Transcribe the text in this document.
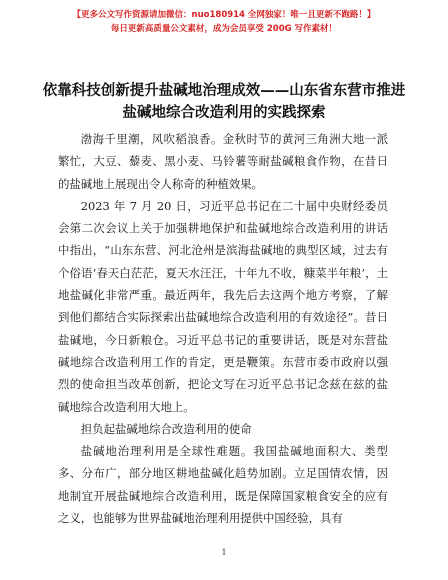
【更多公文写作资源请加微信：nuo180914 全网独家！唯一且更新不跑路！】
每日更新高质量公文素材，成为会员享受 200G 写作素材！
依靠科技创新提升盐碱地治理成效——山东省东营市推进盐碱地综合改造利用的实践探索

渤海千里潮，风吹稻浪香。金秋时节的黄河三角洲大地一派繁忙，大豆、藜麦、黑小麦、马铃薯等耐盐碱粮食作物，在昔日的盐碱地上展现出令人称奇的种植效果。

2023 年 7 月 20 日，习近平总书记在二十届中央财经委员会第二次会议上关于加强耕地保护和盐碱地综合改造利用的讲话中指出，“山东东营、河北沧州是滨海盐碱地的典型区域，过去有个俗语‘春天白茫茫，夏天水汪汪，十年九不收，糠菜半年粮’，土地盐碱化非常严重。最近两年，我先后去这两个地方考察，了解到他们都结合实际探索出盐碱地综合改造利用的有效途径”。昔日盐碱地，今日新粮仓。习近平总书记的重要讲话，既是对东营盐碱地综合改造利用工作的肯定，更是鞭策。东营市委市政府以强烈的使命担当改革创新，把论文写在习近平总书记念兹在兹的盐碱地综合改造利用大地上。

担负起盐碱地综合改造利用的使命

盐碱地治理利用是全球性难题。我国盐碱地面积大、类型多、分布广，部分地区耕地盐碱化趋势加剧。立足国情农情，因地制宜开展盐碱地综合改造利用，既是保障国家粮食安全的应有之义，也能够为世界盐碱地治理利用提供中国经验，具有

1
